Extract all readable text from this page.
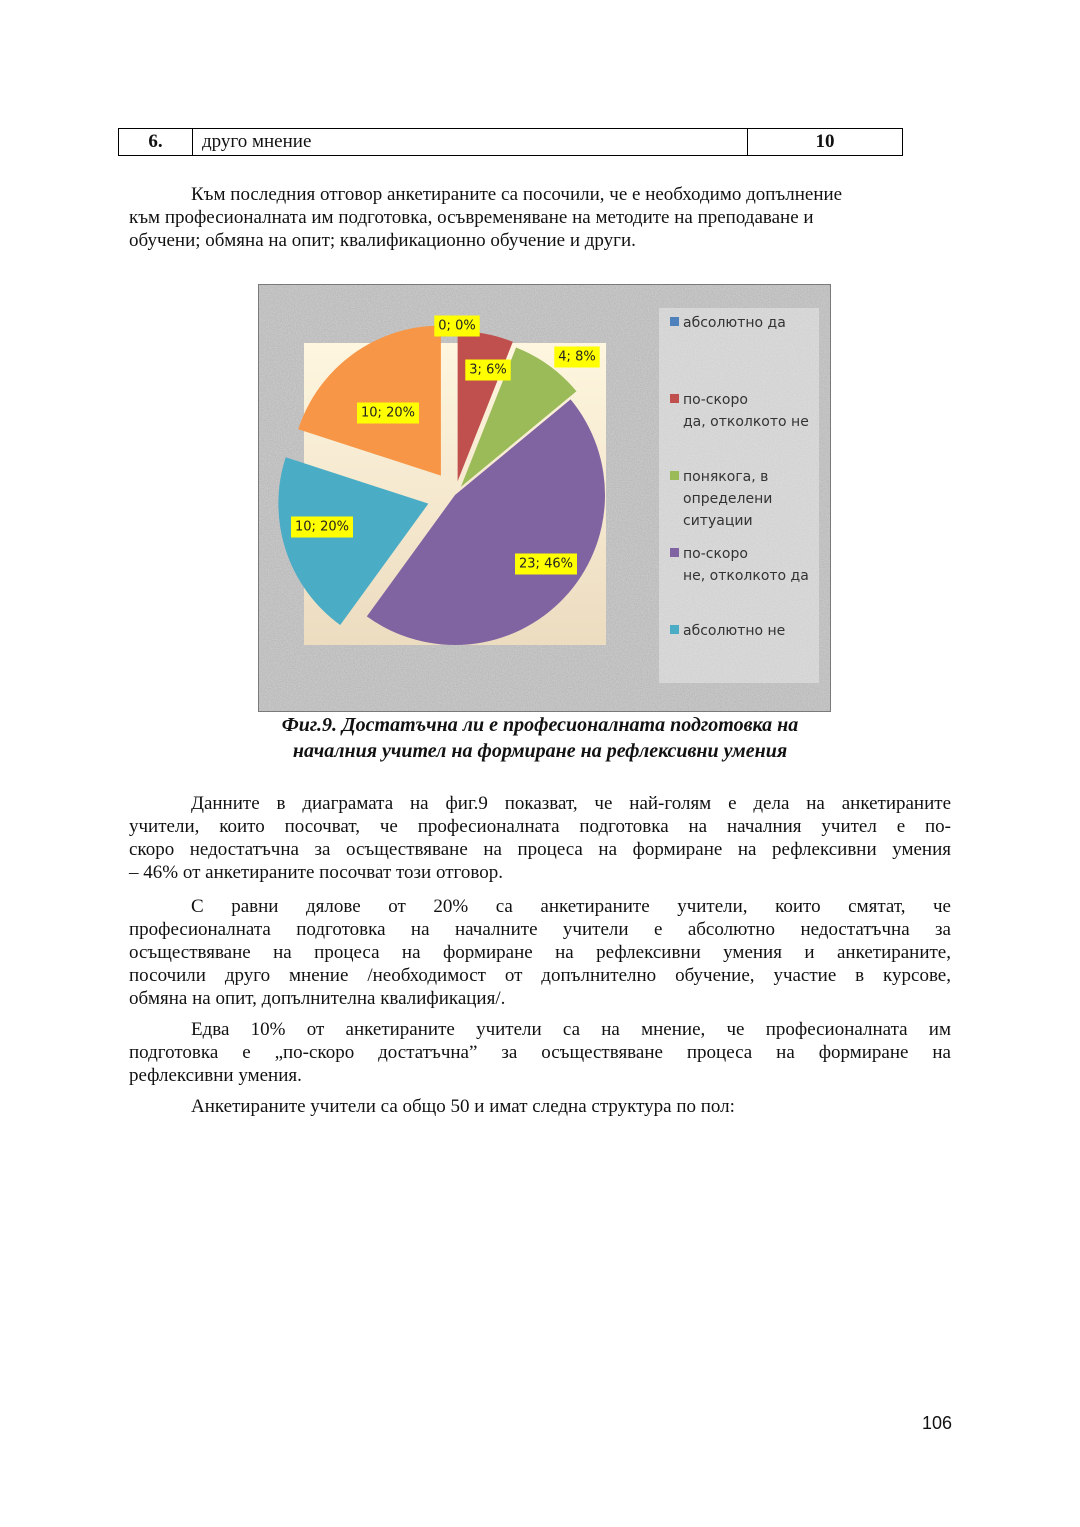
6.	друго мнение	10
Към последния отговор анкетираните са посочили, че е необходимо допълнение
към професионалната им подготовка, осъвременяване на методите на преподаване и
обучени; обмяна на опит; квалификационно обучение и други.
0; 0%
3; 6%
4; 8%
23; 46%
10; 20%
10; 20%
абсолютно да
по-скоро да, отколкото не
понякога, в определени ситуации
по-скоро не, отколкото да
абсолютно не
Фиг.9. Достатъчна ли е професионалната подготовка на
началния учител на формиране на рефлексивни умения
Данните в диаграмата на фиг.9 показват, че най-голям е дела на анкетираните
учители, които посочват, че професионалната подготовка на началния учител е по-
скоро недостатъчна за осъществяване на процеса на формиране на рефлексивни умения
– 46% от анкетираните посочват този отговор.
С равни дялове от 20% са анкетираните учители, които смятат, че
професионалната подготовка на началните учители е абсолютно недостатъчна за
осъществяване на процеса на формиране на рефлексивни умения и анкетираните,
посочили друго мнение /необходимост от допълнително обучение, участие в курсове,
обмяна на опит, допълнителна квалификация/.
Едва 10% от анкетираните учители са на мнение, че професионалната им
подготовка е „по-скоро достатъчна” за осъществяване процеса на формиране на
рефлексивни умения.
Анкетираните учители са общо 50 и имат следна структура по пол:
106
